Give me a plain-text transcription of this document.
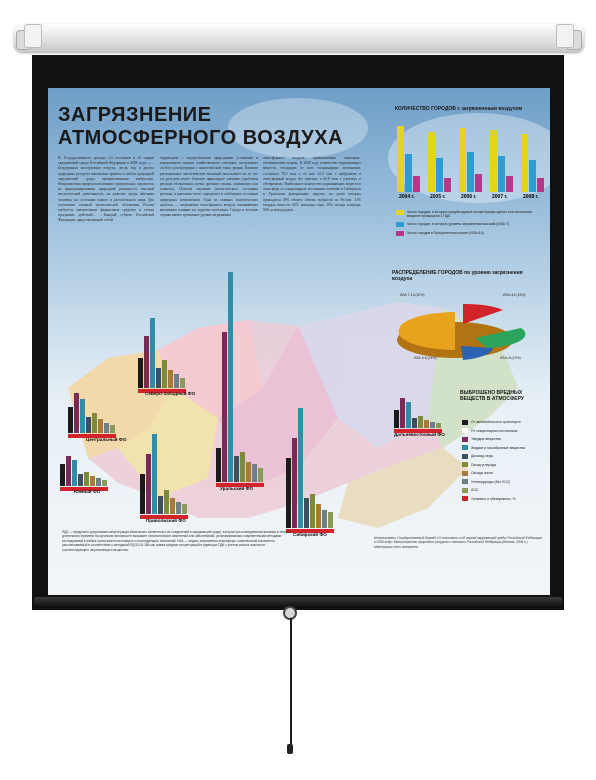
ЗАГРЯЗНЕНИЕ АТМОСФЕРНОГО ВОЗДУХА
И. Государственного доклада «О состоянии и об охране окружающей среды Российской Федерации в 2008 году» «…Безудержная эксплуатация воздуха, лесов, вод и других природных ресурсов изначально привела к гибели природной окружающей среды промышленными выбросами. Неприимлемая природопользование отрицательно отразилось на функционировании природной реальности, высокой экологической деятельности, на качестве среды обитания человека, на состоянии живого и растительного мира. Для улучшения сложной экологической обстановки России требуется значительные финансовые средства и четкая программа действий… …Каждый субъект Российской Федерации, представляющий собой
территорию с определенными природными условиями и конкретными типами хозяйственного освоения, заслуживает особого рассмотрения с экологической точки зрения. Наличие региональных экологических волнений наталкивает на то, что его регулить имеет большое прикладное значение (проблемы региона обозначены), всеми пробами страны, континента или планеты). Поэтому изучение экологического состояния региона, в конечном счете, определяет и глобальное состояние природных компонентов. Одна из главных экологических проблем — загрязнение атмосферного воздуха оказывающее негативное влияние на здоровье населения. Города и поселки страны имеют тревожные уровни загрязнения
атмосферного воздуха, превышающие санитарно-гигиенические нормы. В 2008 году количество загрязняющих веществ, отходящих от всех стационарных источников, составило 78,5 млн т, из них 22,3 млн т выброшено в атмосферный воздух без очистки, а 60,8 млн т уловлено и обезврежено. Наибольшее количество загрязняющих веществ в атмосферу от стационарных источников отмечено в Сибирском и Уральском федеральных округах, на долю которых приходится 38% общего объема выбросов по России. 41% твердых веществ, 60% диоксида серы, 38% оксида углерода, 56% углеводородов…
КОЛИЧЕСТВО ГОРОДОВ с загрязненным воздухом
2004 г.	2005 г.	2006 г.	2007 г.	2008 г.
Число городов, в которых среднегодовые концентрации одного или нескольких веществ превышали 1 ПДК
Число городов, в которых уровень загрязнения высокий (ИЗА>7)
Число городов в Приоритетном списке (ИЗА>14)
РАСПРЕДЕЛЕНИЕ ГОРОДОВ по уровню загрязнения воздуха
ИЗА 7-13 (32%)	ИЗА>14 (15%)
ИЗА 5-6 (14%)	ИЗА<5 (10%)
ВЫБРОШЕНО ВРЕДНЫХ ВЕЩЕСТВ В АТМОСФЕРУ
От автомобильного транспорта
От стационарных источников:
Твердые вещества
Жидкие и газообразные вещества
Диоксид серы
Оксид углерода
Оксиды азота
Углеводороды (без ЛОС)
ЛОС
Уловлено и обезврежено, %
Северо-Западный ФО
Центральный ФО
Южный ФО
Приволжский ФО
Уральский ФО
Сибирский ФО
Дальневосточный ФО
ПДК — предельно допустимая концентрация химических элементов и их соединений в окружающей среде, которая при повседневном влиянии в течение длительного времени на организм человека не вызывает патологических изменений или заболеваний, устанавливаемых современными методами исследований в любые сроки жизни настоящего и последующего поколений. ИЗА — индекс загрязнения атмосферы, комплексный показатель, рассчитываемый в соответствии с методикой РД 52.04.186 как сумма средних концентраций в единицах ПДК с учетом класса опасности соответствующего загрязняющего вещества.
Использованы: Государственный доклад «О состоянии и об охране окружающей среды Российской Федерации в 2008 году» Министерство природных ресурсов и экологии Российской Федерации (Москва, 2009 г.) Материалы сети интернет.
